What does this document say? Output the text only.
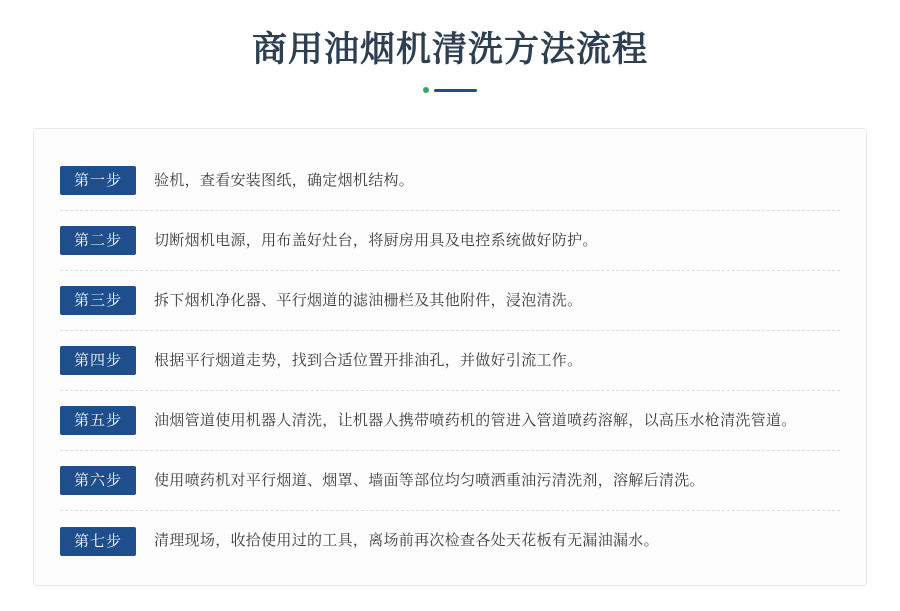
商用油烟机清洗方法流程
第一步	验机，查看安装图纸，确定烟机结构。
第二步	切断烟机电源，用布盖好灶台，将厨房用具及电控系统做好防护。
第三步	拆下烟机净化器、平行烟道的滤油栅栏及其他附件，浸泡清洗。
第四步	根据平行烟道走势，找到合适位置开排油孔，并做好引流工作。
第五步	油烟管道使用机器人清洗，让机器人携带喷药机的管进入管道喷药溶解，以高压水枪清洗管道。
第六步	使用喷药机对平行烟道、烟罩、墙面等部位均匀喷洒重油污清洗剂，溶解后清洗。
第七步	清理现场，收拾使用过的工具，离场前再次检查各处天花板有无漏油漏水。
